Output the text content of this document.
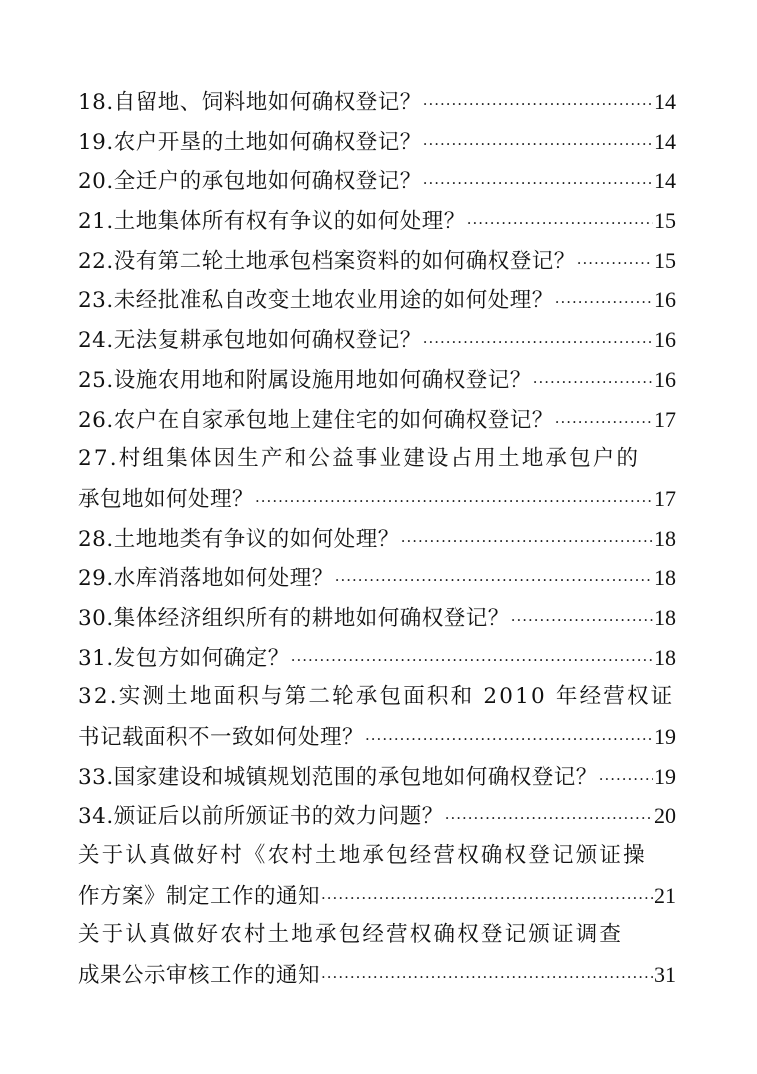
18.自留地、饲料地如何确权登记？ ·····	14
19.农户开垦的土地如何确权登记？ ·····	14
20.全迁户的承包地如何确权登记？ ·····	14
21.土地集体所有权有争议的如何处理？ ·····	15
22.没有第二轮土地承包档案资料的如何确权登记？ ·····	15
23.未经批准私自改变土地农业用途的如何处理？ ·····	16
24.无法复耕承包地如何确权登记？ ·····	16
25.设施农用地和附属设施用地如何确权登记？ ·····	16
26.农户在自家承包地上建住宅的如何确权登记？ ·····	17
27.村组集体因生产和公益事业建设占用土地承包户的
承包地如何处理？ ·····	17
28.土地地类有争议的如何处理？ ·····	18
29.水库消落地如何处理？ ·····	18
30.集体经济组织所有的耕地如何确权登记？ ·····	18
31.发包方如何确定？ ·····	18
32.实测土地面积与第二轮承包面积和 2010 年经营权证
书记载面积不一致如何处理？ ·····	19
33.国家建设和城镇规划范围的承包地如何确权登记？ ·····	19
34.颁证后以前所颁证书的效力问题？ ·····	20
关于认真做好村《农村土地承包经营权确权登记颁证操
作方案》制定工作的通知 ·····	21
关于认真做好农村土地承包经营权确权登记颁证调查
成果公示审核工作的通知 ·····	31
